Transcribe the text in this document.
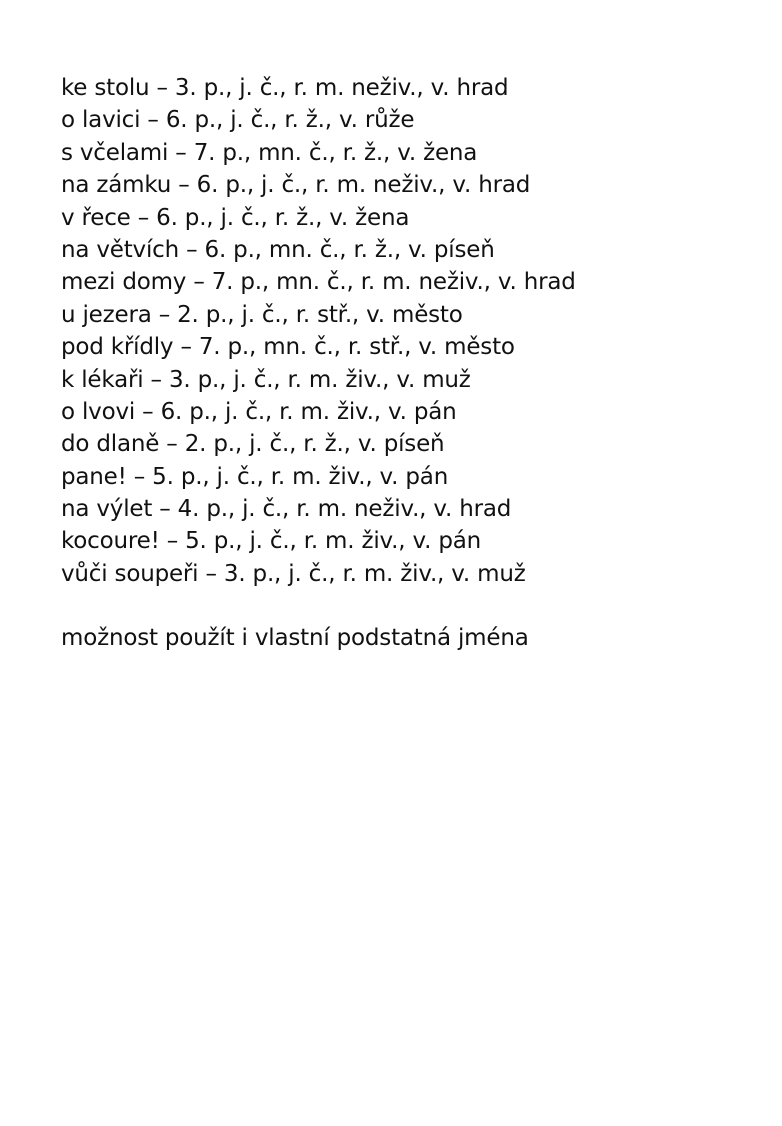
ke stolu – 3. p., j. č., r. m. neživ., v. hrad
o lavici – 6. p., j. č., r. ž., v. růže
s včelami – 7. p., mn. č., r. ž., v. žena
na zámku – 6. p., j. č., r. m. neživ., v. hrad
v řece – 6. p., j. č., r. ž., v. žena
na větvích – 6. p., mn. č., r. ž., v. píseň
mezi domy – 7. p., mn. č., r. m. neživ., v. hrad
u jezera – 2. p., j. č., r. stř., v. město
pod křídly – 7. p., mn. č., r. stř., v. město
k lékaři – 3. p., j. č., r. m. živ., v. muž
o lvovi – 6. p., j. č., r. m. živ., v. pán
do dlaně – 2. p., j. č., r. ž., v. píseň
pane! – 5. p., j. č., r. m. živ., v. pán
na výlet – 4. p., j. č., r. m. neživ., v. hrad
kocoure! – 5. p., j. č., r. m. živ., v. pán
vůči soupeři – 3. p., j. č., r. m. živ., v. muž
možnost použít i vlastní podstatná jména
